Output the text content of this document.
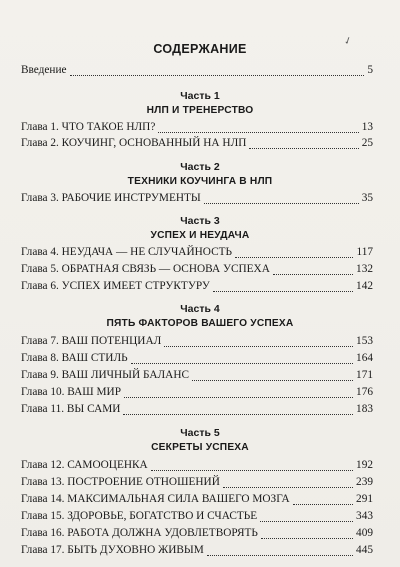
СОДЕРЖАНИЕ
✓
Введение	5
Часть 1
НЛП И ТРЕНЕРСТВО
Глава 1. ЧТО ТАКОЕ НЛП?	13
Глава 2. КОУЧИНГ, ОСНОВАННЫЙ НА НЛП	25
Часть 2
ТЕХНИКИ КОУЧИНГА В НЛП
Глава 3. РАБОЧИЕ ИНСТРУМЕНТЫ	35
Часть 3
УСПЕХ И НЕУДАЧА
Глава 4. НЕУДАЧА — НЕ СЛУЧАЙНОСТЬ	117
Глава 5. ОБРАТНАЯ СВЯЗЬ — ОСНОВА УСПЕХА	132
Глава 6. УСПЕХ ИМЕЕТ СТРУКТУРУ	142
Часть 4
ПЯТЬ ФАКТОРОВ ВАШЕГО УСПЕХА
Глава 7. ВАШ ПОТЕНЦИАЛ	153
Глава 8. ВАШ СТИЛЬ	164
Глава 9. ВАШ ЛИЧНЫЙ БАЛАНС	171
Глава 10. ВАШ МИР	176
Глава 11. ВЫ САМИ	183
Часть 5
СЕКРЕТЫ УСПЕХА
Глава 12. САМООЦЕНКА	192
Глава 13. ПОСТРОЕНИЕ ОТНОШЕНИЙ	239
Глава 14. МАКСИМАЛЬНАЯ СИЛА ВАШЕГО МОЗГА	291
Глава 15. ЗДОРОВЬЕ, БОГАТСТВО И СЧАСТЬЕ	343
Глава 16. РАБОТА ДОЛЖНА УДОВЛЕТВОРЯТЬ	409
Глава 17. БЫТЬ ДУХОВНО ЖИВЫМ	445
